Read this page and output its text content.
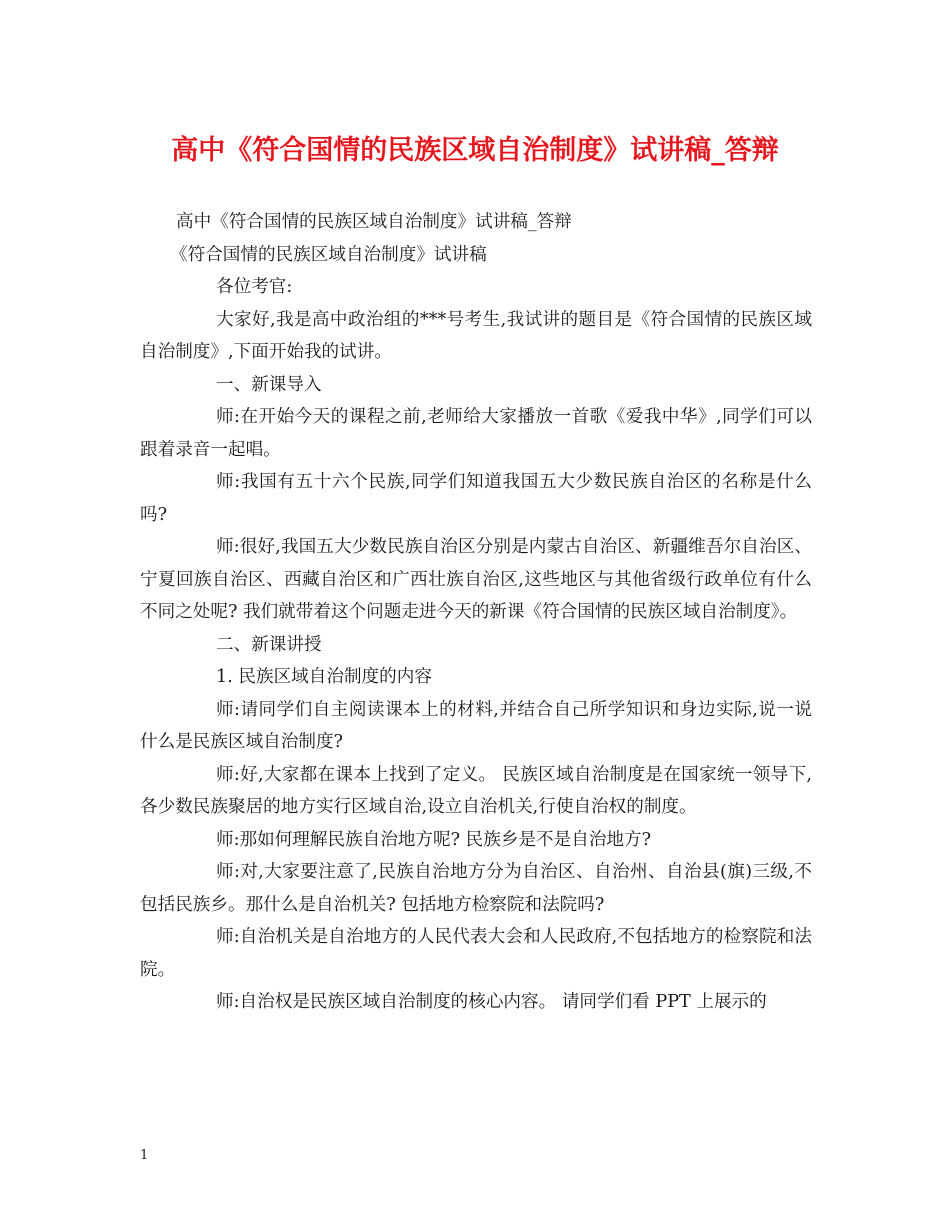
高中《符合国情的民族区域自治制度》试讲稿_答辩

高中《符合国情的民族区域自治制度》试讲稿_答辩

《符合国情的民族区域自治制度》试讲稿

各位考官:

大家好,我是高中政治组的***号考生,我试讲的题目是《符合国情的民族区域自治制度》,下面开始我的试讲。

一、新课导入

师:在开始今天的课程之前,老师给大家播放一首歌《爱我中华》,同学们可以跟着录音一起唱。

师:我国有五十六个民族,同学们知道我国五大少数民族自治区的名称是什么吗?

师:很好,我国五大少数民族自治区分别是内蒙古自治区、新疆维吾尔自治区、宁夏回族自治区、西藏自治区和广西壮族自治区,这些地区与其他省级行政单位有什么不同之处呢? 我们就带着这个问题走进今天的新课《符合国情的民族区域自治制度》。

二、新课讲授

1. 民族区域自治制度的内容

师:请同学们自主阅读课本上的材料,并结合自己所学知识和身边实际,说一说什么是民族区域自治制度?

师:好,大家都在课本上找到了定义。 民族区域自治制度是在国家统一领导下,各少数民族聚居的地方实行区域自治,设立自治机关,行使自治权的制度。

师:那如何理解民族自治地方呢? 民族乡是不是自治地方?

师:对,大家要注意了,民族自治地方分为自治区、自治州、自治县(旗)三级,不包括民族乡。那什么是自治机关? 包括地方检察院和法院吗?

师:自治机关是自治地方的人民代表大会和人民政府,不包括地方的检察院和法院。

师:自治权是民族区域自治制度的核心内容。 请同学们看 PPT 上展示的

1
